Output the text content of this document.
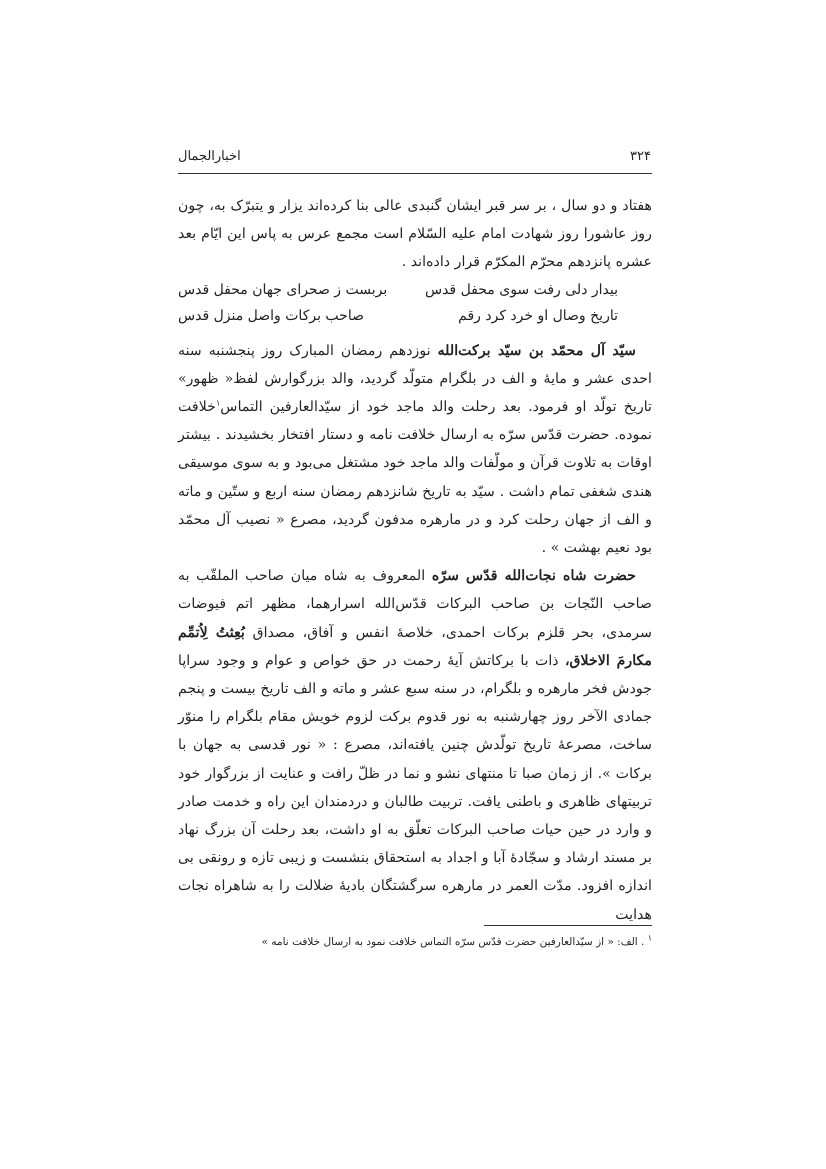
اخبارالجمال	۳۲۴

هفتاد و دو سال ، بر سر قبر ایشان گنبدی عالی بنا کرده‌اند یزار و یتبرّک به، چون روز عاشورا روز شهادت امام علیه السّلام است مجمع عرس به پاس این ایّام بعد عشره پانزدهم محرّم المکرّم قرار داده‌اند .

بیدار دلی رفت سوی محفل قدس
بربست ز صحرای جهان محفل قدس
تاریخ وصال او خرد کرد رقم
صاحب برکات واصل منزل قدس

سیّد آل محمّد بن سیّد برکت‌الله نوزدهم رمضان المبارک روز پنجشنبه سنه احدی عشر و مایهٔ و الف در بلگرام متولّد گردید، والد بزرگوارش لفظ« ظهور» تاریخ تولّد او فرمود. بعد رحلت والد ماجد خود از سیّدالعارفین التماس$^۱$خلافت نموده. حضرت قدّس سرّه به ارسال خلافت نامه و دستار افتخار بخشیدند . بیشتر اوقات به تلاوت قرآن و مولّفات والد ماجد خود مشتغل می‌بود و به سوی موسیقی هندی شغفی تمام داشت . سیّد به تاریخ شانزدهم رمضان سنه اربع و ستّین و ماته و الف از جهان رحلت کرد و در مارهره مدفون گردید، مصرع « نصیب آل محمّد بود نعیم بهشت » .

حضرت شاه نجات‌الله قدّس سرّه المعروف به شاه میان صاحب الملقّب به صاحب النّجات بن صاحب البرکات قدّس‌الله اسرارهما، مظهر اتم فیوضات سرمدی، بحر قلزم برکات احمدی، خلاصهٔ انفس و آفاق، مصداق بُعِثتُ لِاُتمِّم مکارمَ الاخلاق، ذات با برکاتش آیهٔ رحمت در حق خواص و عوام و وجود سراپا جودش فخر مارهره و بلگرام، در سنه سبع عشر و ماته و الف تاریخ بیست و پنجم جمادی الآخر روز چهارشنبه به نور قدوم برکت لزوم خویش مقام بلگرام را منوّر ساخت، مصرعهٔ تاریخ تولّدش چنین یافته‌اند، مصرع : « نور قدسی به جهان با برکات ». از زمان صبا تا منتهای نشو و نما در ظلّ رافت و عنایت از بزرگوار خود تربیتهای ظاهری و باطنی یافت. تربیت طالبان و دردمندان این راه و خدمت صادر و وارد در حین حیات صاحب البرکات تعلّق به او داشت، بعد رحلت آن بزرگ نهاد بر مسند ارشاد و سجّادهٔ آبا و اجداد به استحقاق بنشست و زیبی تازه و رونقی بی اندازه افزود. مدّت العمر در مارهره سرگشتگان بادیهٔ ضلالت را به شاهراه نجات هدایت

$^۱$ . الف: « از سیّدالعارفین حضرت قدّس سرّه التماس خلافت نمود به ارسال خلافت نامه »
